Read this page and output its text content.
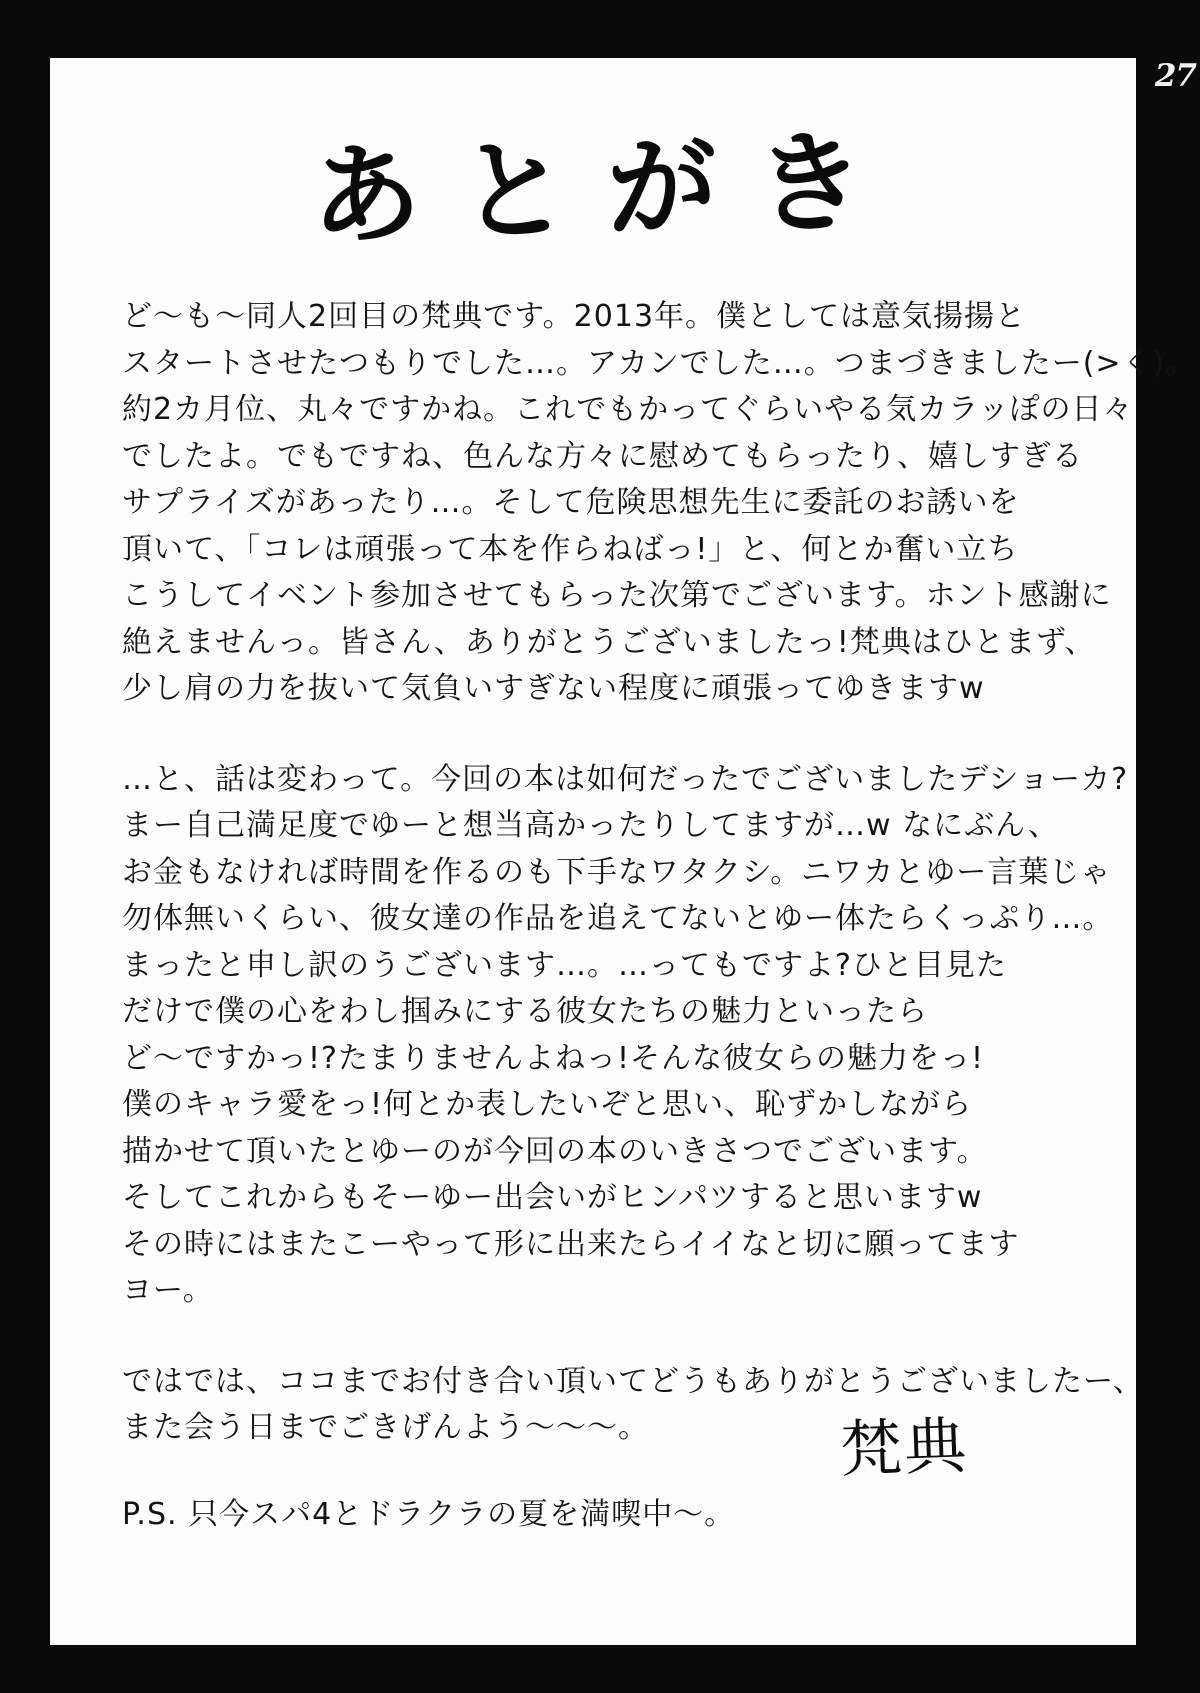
27
あとがき
ど〜も〜同人2回目の梵典です。2013年。僕としては意気揚揚と
スタートさせたつもりでした…。アカンでした…。つまづきましたー(>く)。
約2カ月位、丸々ですかね。これでもかってぐらいやる気カラッぽの日々
でしたよ。でもですね、色んな方々に慰めてもらったり、嬉しすぎる
サプライズがあったり…。そして危険思想先生に委託のお誘いを
頂いて、「コレは頑張って本を作らねばっ!」と、何とか奮い立ち
こうしてイベント参加させてもらった次第でございます。ホント感謝に
絶えませんっ。皆さん、ありがとうございましたっ!梵典はひとまず、
少し肩の力を抜いて気負いすぎない程度に頑張ってゆきますw
…と、話は変わって。今回の本は如何だったでございましたデショーカ?
まー自己満足度でゆーと想当高かったりしてますが…w なにぶん、
お金もなければ時間を作るのも下手なワタクシ。ニワカとゆー言葉じゃ
勿体無いくらい、彼女達の作品を追えてないとゆー体たらくっぷり…。
まったと申し訳のうございます…。…ってもですよ?ひと目見た
だけで僕の心をわし掴みにする彼女たちの魅力といったら
ど〜ですかっ!?たまりませんよねっ!そんな彼女らの魅力をっ!
僕のキャラ愛をっ!何とか表したいぞと思い、恥ずかしながら
描かせて頂いたとゆーのが今回の本のいきさつでございます。
そしてこれからもそーゆー出会いがヒンパツすると思いますw
その時にはまたこーやって形に出来たらイイなと切に願ってます
ヨー。
ではでは、ココまでお付き合い頂いてどうもありがとうございましたー、
また会う日までごきげんよう〜〜〜。
P.S. 只今スパ4とドラクラの夏を満喫中〜。
梵典
